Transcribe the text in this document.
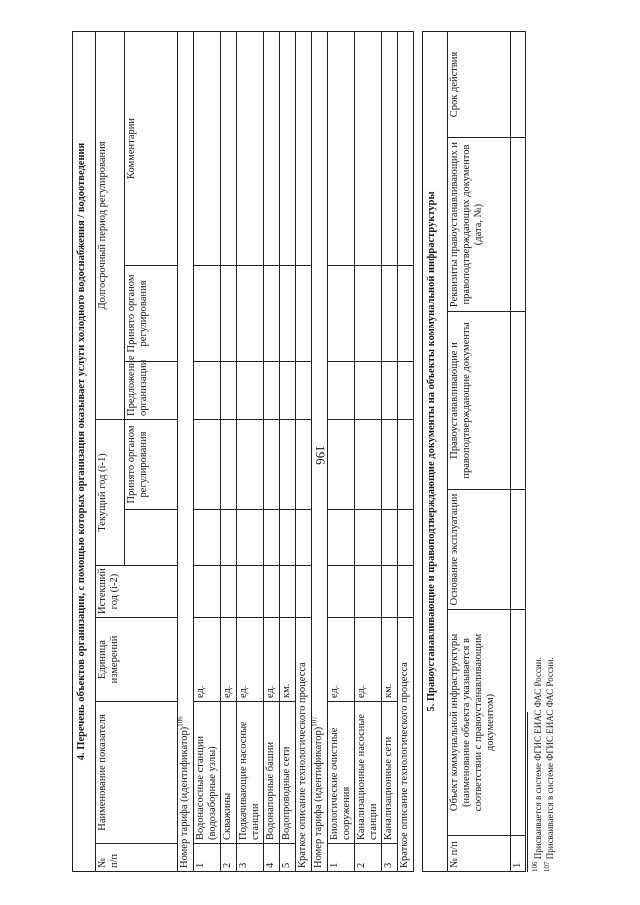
196
4. Перечень объектов организации, с помощью которых организация оказывает услуги холодного водоснабжения / водоотведения								
№ п/п	Наименование показателя	Единица измерений	Истекший год (i-2)	Текущий год (i-1)		Долгосрочный период регулирования		
					Принято органом регулирования	Предложение организации	Принято органом регулирования	Комментарии
Номер тарифа (идентификатор)$^{106}$
1	Водонасосные станции (водозаборные узлы)	ед.						
2	Скважины	ед.						
3	Подкачивающие насосные станции	ед.						
4	Водонапорные башни	ед.						
5	Водопроводные сети	км.						
Краткое описание технологического процесса								
Номер тарифа (идентификатор)$^{107}$
1	Биологические очистные сооружения	ед.						
2	Канализационные насосные станции	ед.						
3	Канализационные сети	км.						
Краткое описание технологического процесса								
5. Правоустанавливающие и правоподтверждающие документы на объекты коммунальной инфраструктуры					
№ п/п	Объект коммунальной инфраструктуры (наименование объекта указывается в соответствии с правоустанавливающим документом)	Основание эксплуатации	Правоустанавливающие и правоподтверждающие документы	Реквизиты правоустанавливающих и правоподтверждающих документов (дата, №)	Срок действия
1					$^{106}$ Присваивается в системе ФГИС ЕИАС ФАС России.
$^{107}$ Присваивается в системе ФГИС ЕИАС ФАС России.
